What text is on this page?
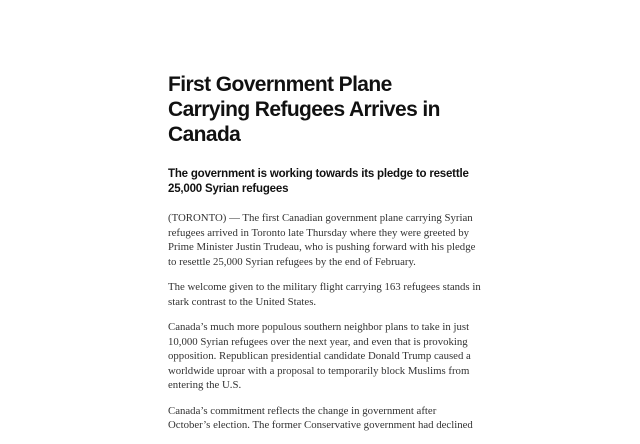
First Government Plane
Carrying Refugees Arrives in
Canada
The government is working towards its pledge to resettle
25,000 Syrian refugees

(TORONTO) — The first Canadian government plane carrying Syrian
refugees arrived in Toronto late Thursday where they were greeted by
Prime Minister Justin Trudeau, who is pushing forward with his pledge
to resettle 25,000 Syrian refugees by the end of February.

The welcome given to the military flight carrying 163 refugees stands in
stark contrast to the United States.

Canada’s much more populous southern neighbor plans to take in just
10,000 Syrian refugees over the next year, and even that is provoking
opposition. Republican presidential candidate Donald Trump caused a
worldwide uproar with a proposal to temporarily block Muslims from
entering the U.S.

Canada’s commitment reflects the change in government after
October’s election. The former Conservative government had declined
